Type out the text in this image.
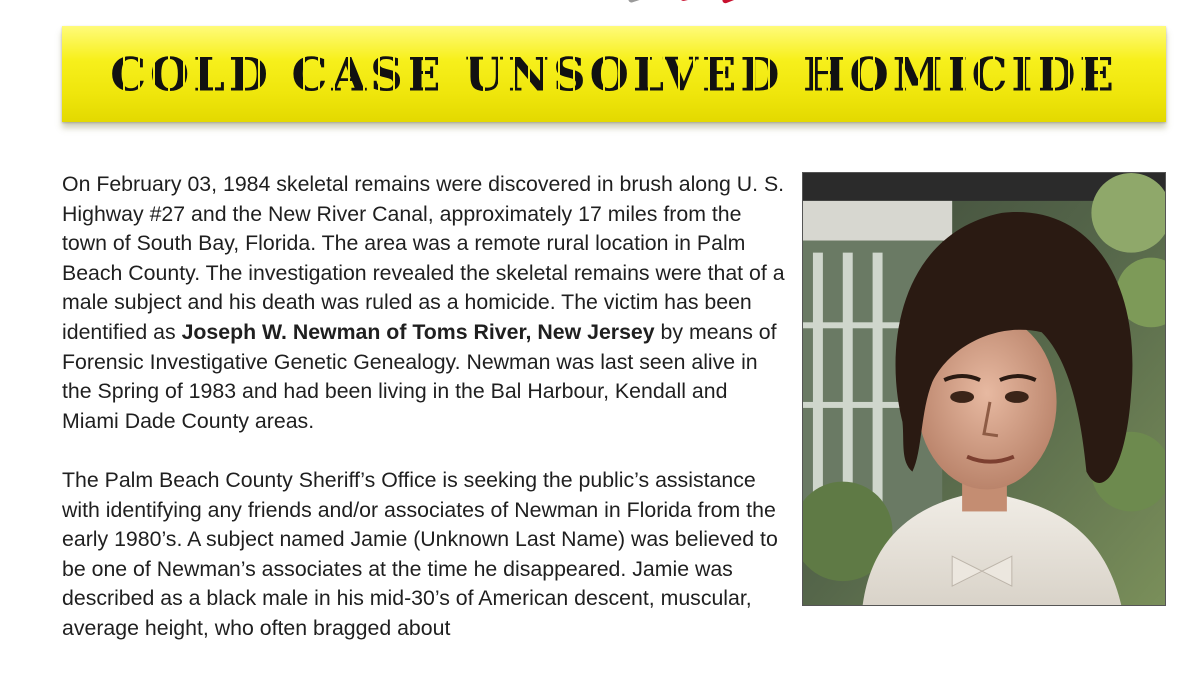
COLD CASE UNSOLVED HOMICIDE

On February 03, 1984 skeletal remains were discovered in brush along U. S. Highway #27 and the New River Canal, approximately 17 miles from the town of South Bay, Florida. The area was a remote rural location in Palm Beach County. The investigation revealed the skeletal remains were that of a male subject and his death was ruled as a homicide. The victim has been identified as Joseph W. Newman of Toms River, New Jersey by means of Forensic Investigative Genetic Genealogy. Newman was last seen alive in the Spring of 1983 and had been living in the Bal Harbour, Kendall and Miami Dade County areas.

The Palm Beach County Sheriff’s Office is seeking the public’s assistance with identifying any friends and/or associates of Newman in Florida from the early 1980’s. A subject named Jamie (Unknown Last Name) was believed to be one of Newman’s associates at the time he disappeared. Jamie was described as a black male in his mid-30’s of American descent, muscular, average height, who often bragged about
